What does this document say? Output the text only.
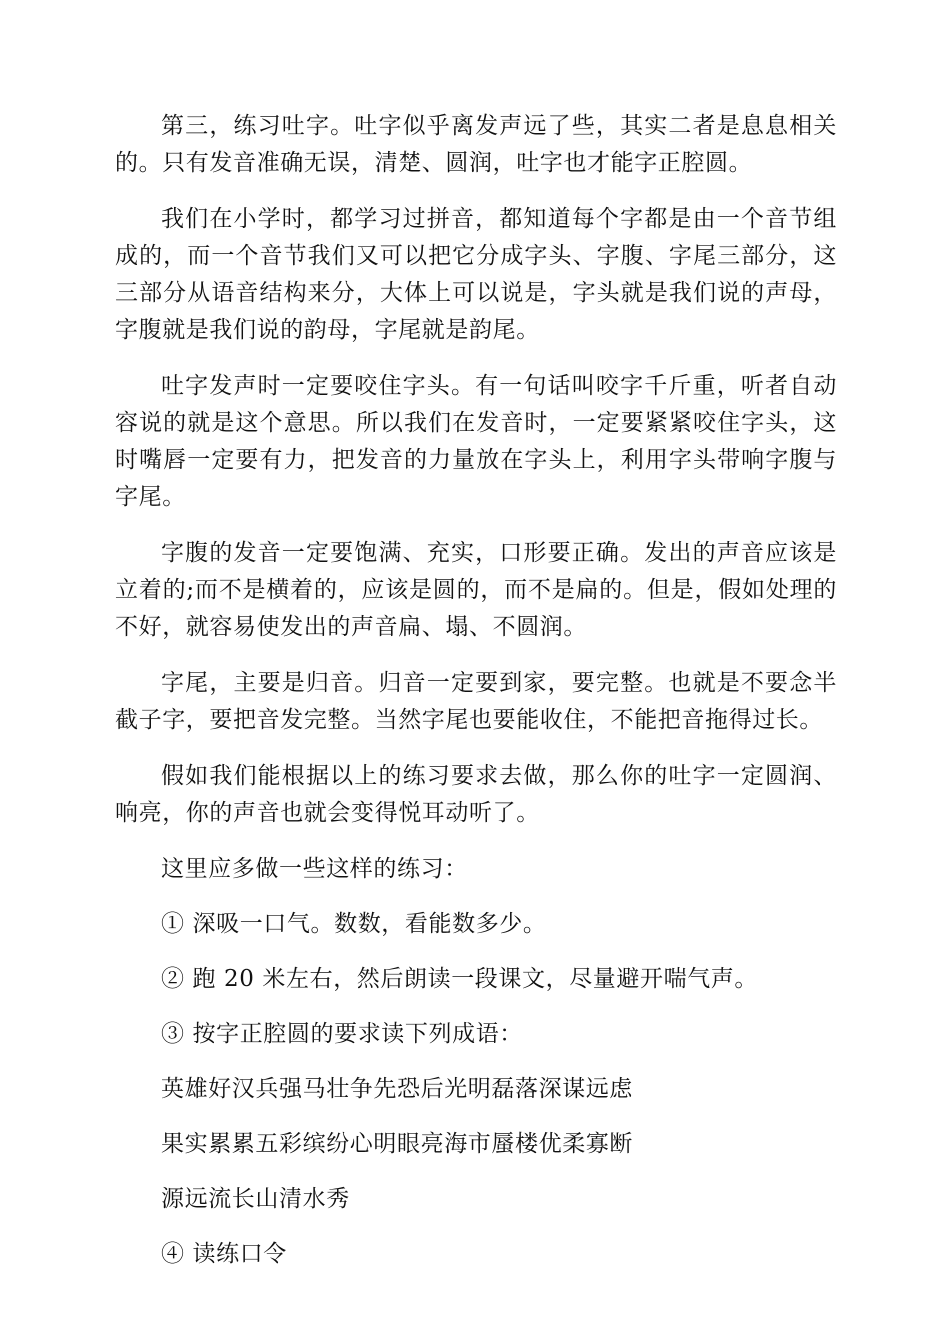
第三，练习吐字。吐字似乎离发声远了些，其实二者是息息相关的。只有发音准确无误，清楚、圆润，吐字也才能字正腔圆。

我们在小学时，都学习过拼音，都知道每个字都是由一个音节组成的，而一个音节我们又可以把它分成字头、字腹、字尾三部分，这三部分从语音结构来分，大体上可以说是，字头就是我们说的声母，字腹就是我们说的韵母，字尾就是韵尾。

吐字发声时一定要咬住字头。有一句话叫咬字千斤重，听者自动容说的就是这个意思。所以我们在发音时，一定要紧紧咬住字头，这时嘴唇一定要有力，把发音的力量放在字头上，利用字头带响字腹与字尾。

字腹的发音一定要饱满、充实，口形要正确。发出的声音应该是立着的;而不是横着的，应该是圆的，而不是扁的。但是，假如处理的不好，就容易使发出的声音扁、塌、不圆润。

字尾，主要是归音。归音一定要到家，要完整。也就是不要念半截子字，要把音发完整。当然字尾也要能收住，不能把音拖得过长。

假如我们能根据以上的练习要求去做，那么你的吐字一定圆润、响亮，你的声音也就会变得悦耳动听了。

这里应多做一些这样的练习：
① 深吸一口气。数数，看能数多少。
② 跑 20 米左右，然后朗读一段课文，尽量避开喘气声。
③ 按字正腔圆的要求读下列成语：
英雄好汉兵强马壮争先恐后光明磊落深谋远虑
果实累累五彩缤纷心明眼亮海市蜃楼优柔寡断
源远流长山清水秀
④ 读练口令
